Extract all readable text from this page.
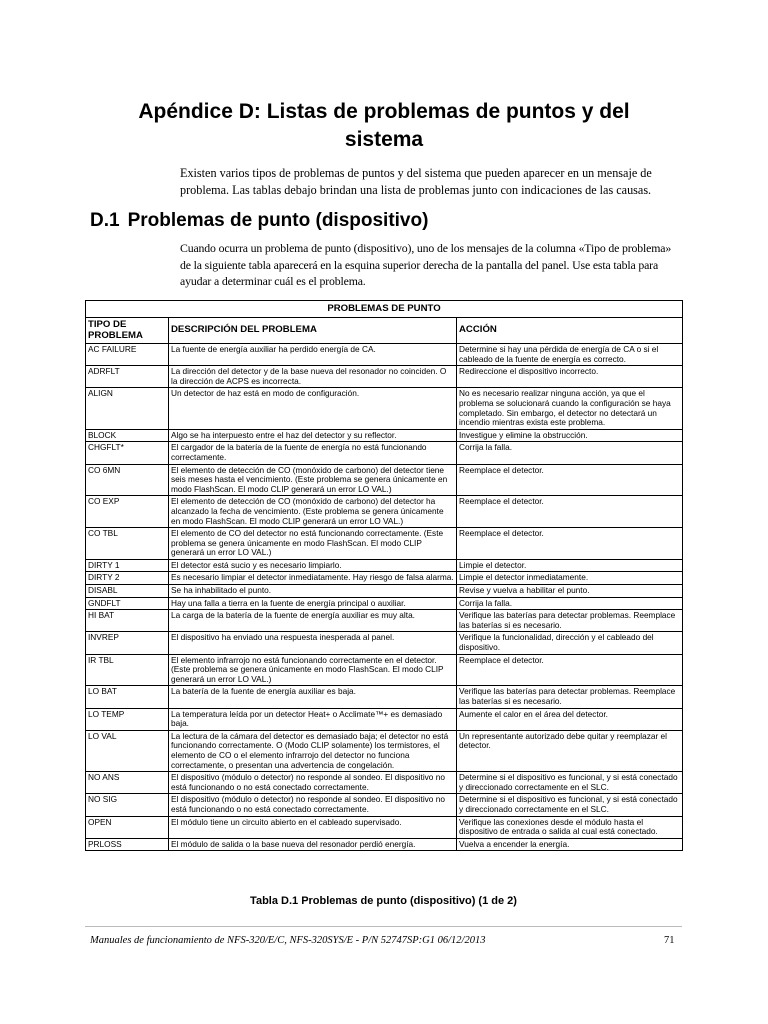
Apéndice D: Listas de problemas de puntos y del sistema

Existen varios tipos de problemas de puntos y del sistema que pueden aparecer en un mensaje de problema. Las tablas debajo brindan una lista de problemas junto con indicaciones de las causas.

D.1 Problemas de punto (dispositivo)

Cuando ocurra un problema de punto (dispositivo), uno de los mensajes de la columna «Tipo de problema» de la siguiente tabla aparecerá en la esquina superior derecha de la pantalla del panel. Use esta tabla para ayudar a determinar cuál es el problema.

PROBLEMAS DE PUNTO		
TIPO DE PROBLEMA	DESCRIPCIÓN DEL PROBLEMA	ACCIÓN
AC FAILURE	La fuente de energía auxiliar ha perdido energía de CA.	Determine si hay una pérdida de energía de CA o si el cableado de la fuente de energía es correcto.
ADRFLT	La dirección del detector y de la base nueva del resonador no coinciden. O la dirección de ACPS es incorrecta.	Redireccione el dispositivo incorrecto.
ALIGN	Un detector de haz está en modo de configuración.	No es necesario realizar ninguna acción, ya que el problema se solucionará cuando la configuración se haya completado. Sin embargo, el detector no detectará un incendio mientras exista este problema.
BLOCK	Algo se ha interpuesto entre el haz del detector y su reflector.	Investigue y elimine la obstrucción.
CHGFLT*	El cargador de la batería de la fuente de energía no está funcionando correctamente.	Corrija la falla.
CO 6MN	El elemento de detección de CO (monóxido de carbono) del detector tiene seis meses hasta el vencimiento. (Este problema se genera únicamente en modo FlashScan. El modo CLIP generará un error LO VAL.)	Reemplace el detector.
CO EXP	El elemento de detección de CO (monóxido de carbono) del detector ha alcanzado la fecha de vencimiento. (Este problema se genera únicamente en modo FlashScan. El modo CLIP generará un error LO VAL.)	Reemplace el detector.
CO TBL	El elemento de CO del detector no está funcionando correctamente. (Este problema se genera únicamente en modo FlashScan. El modo CLIP generará un error LO VAL.)	Reemplace el detector.
DIRTY 1	El detector está sucio y es necesario limpiarlo.	Limpie el detector.
DIRTY 2	Es necesario limpiar el detector inmediatamente. Hay riesgo de falsa alarma.	Limpie el detector inmediatamente.
DISABL	Se ha inhabilitado el punto.	Revise y vuelva a habilitar el punto.
GNDFLT	Hay una falla a tierra en la fuente de energía principal o auxiliar.	Corrija la falla.
HI BAT	La carga de la batería de la fuente de energía auxiliar es muy alta.	Verifique las baterías para detectar problemas. Reemplace las baterías si es necesario.
INVREP	El dispositivo ha enviado una respuesta inesperada al panel.	Verifique la funcionalidad, dirección y el cableado del dispositivo.
IR TBL	El elemento infrarrojo no está funcionando correctamente en el detector. (Este problema se genera únicamente en modo FlashScan. El modo CLIP generará un error LO VAL.)	Reemplace el detector.
LO BAT	La batería de la fuente de energía auxiliar es baja.	Verifique las baterías para detectar problemas. Reemplace las baterías si es necesario.
LO TEMP	La temperatura leída por un detector Heat+ o Acclimate™+ es demasiado baja.	Aumente el calor en el área del detector.
LO VAL	La lectura de la cámara del detector es demasiado baja; el detector no está funcionando correctamente. O (Modo CLIP solamente) los termistores, el elemento de CO o el elemento infrarrojo del detector no funciona correctamente, o presentan una advertencia de congelación.	Un representante autorizado debe quitar y reemplazar el detector.
NO ANS	El dispositivo (módulo o detector) no responde al sondeo. El dispositivo no está funcionando o no está conectado correctamente.	Determine si el dispositivo es funcional, y si está conectado y direccionado correctamente en el SLC.
NO SIG	El dispositivo (módulo o detector) no responde al sondeo. El dispositivo no está funcionando o no está conectado correctamente.	Determine si el dispositivo es funcional, y si está conectado y direccionado correctamente en el SLC.
OPEN	El módulo tiene un circuito abierto en el cableado supervisado.	Verifique las conexiones desde el módulo hasta el dispositivo de entrada o salida al cual está conectado.
PRLOSS	El módulo de salida o la base nueva del resonador perdió energía.	Vuelva a encender la energía.

Tabla D.1 Problemas de punto (dispositivo) (1 de 2)

Manuales de funcionamiento de NFS-320/E/C, NFS-320SYS/E - P/N 52747SP:G1 06/12/2013	71
